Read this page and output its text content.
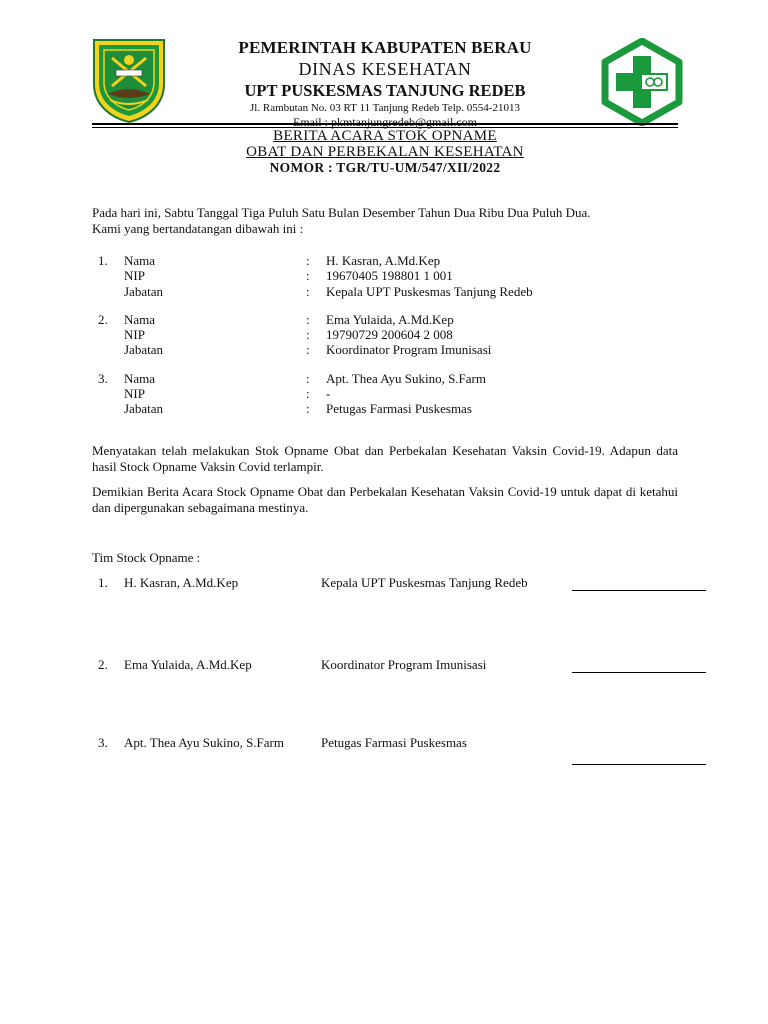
PEMERINTAH KABUPATEN BERAU
DINAS KESEHATAN
UPT PUSKESMAS TANJUNG REDEB
Jl. Rambutan No. 03 RT 11 Tanjung Redeb Telp. 0554-21013
Email : pkmtanjungredeb@gmail.com
BERITA ACARA STOK OPNAME
OBAT DAN PERBEKALAN KESEHATAN
NOMOR : TGR/TU-UM/547/XII/2022
Pada hari ini, Sabtu Tanggal Tiga Puluh Satu Bulan Desember Tahun Dua Ribu Dua Puluh Dua.
Kami yang bertandatangan dibawah ini :
1. Nama	: H. Kasran, A.Md.Kep
NIP	: 19670405 198801 1 001
Jabatan	: Kepala UPT Puskesmas Tanjung Redeb
2. Nama	: Ema Yulaida, A.Md.Kep
NIP	: 19790729 200604 2 008
Jabatan	: Koordinator Program Imunisasi
3. Nama	: Apt. Thea Ayu Sukino, S.Farm
NIP	: -
Jabatan	: Petugas Farmasi Puskesmas
Menyatakan telah melakukan Stok Opname Obat dan Perbekalan Kesehatan Vaksin Covid-19. Adapun data hasil Stock Opname Vaksin Covid terlampir.
Demikian Berita Acara Stock Opname Obat dan Perbekalan Kesehatan Vaksin Covid-19 untuk dapat di ketahui dan dipergunakan sebagaimana mestinya.
Tim Stock Opname :
1. H. Kasran, A.Md.Kep	Kepala UPT Puskesmas Tanjung Redeb
2. Ema Yulaida, A.Md.Kep	Koordinator Program Imunisasi
3. Apt. Thea Ayu Sukino, S.Farm	Petugas Farmasi Puskesmas
